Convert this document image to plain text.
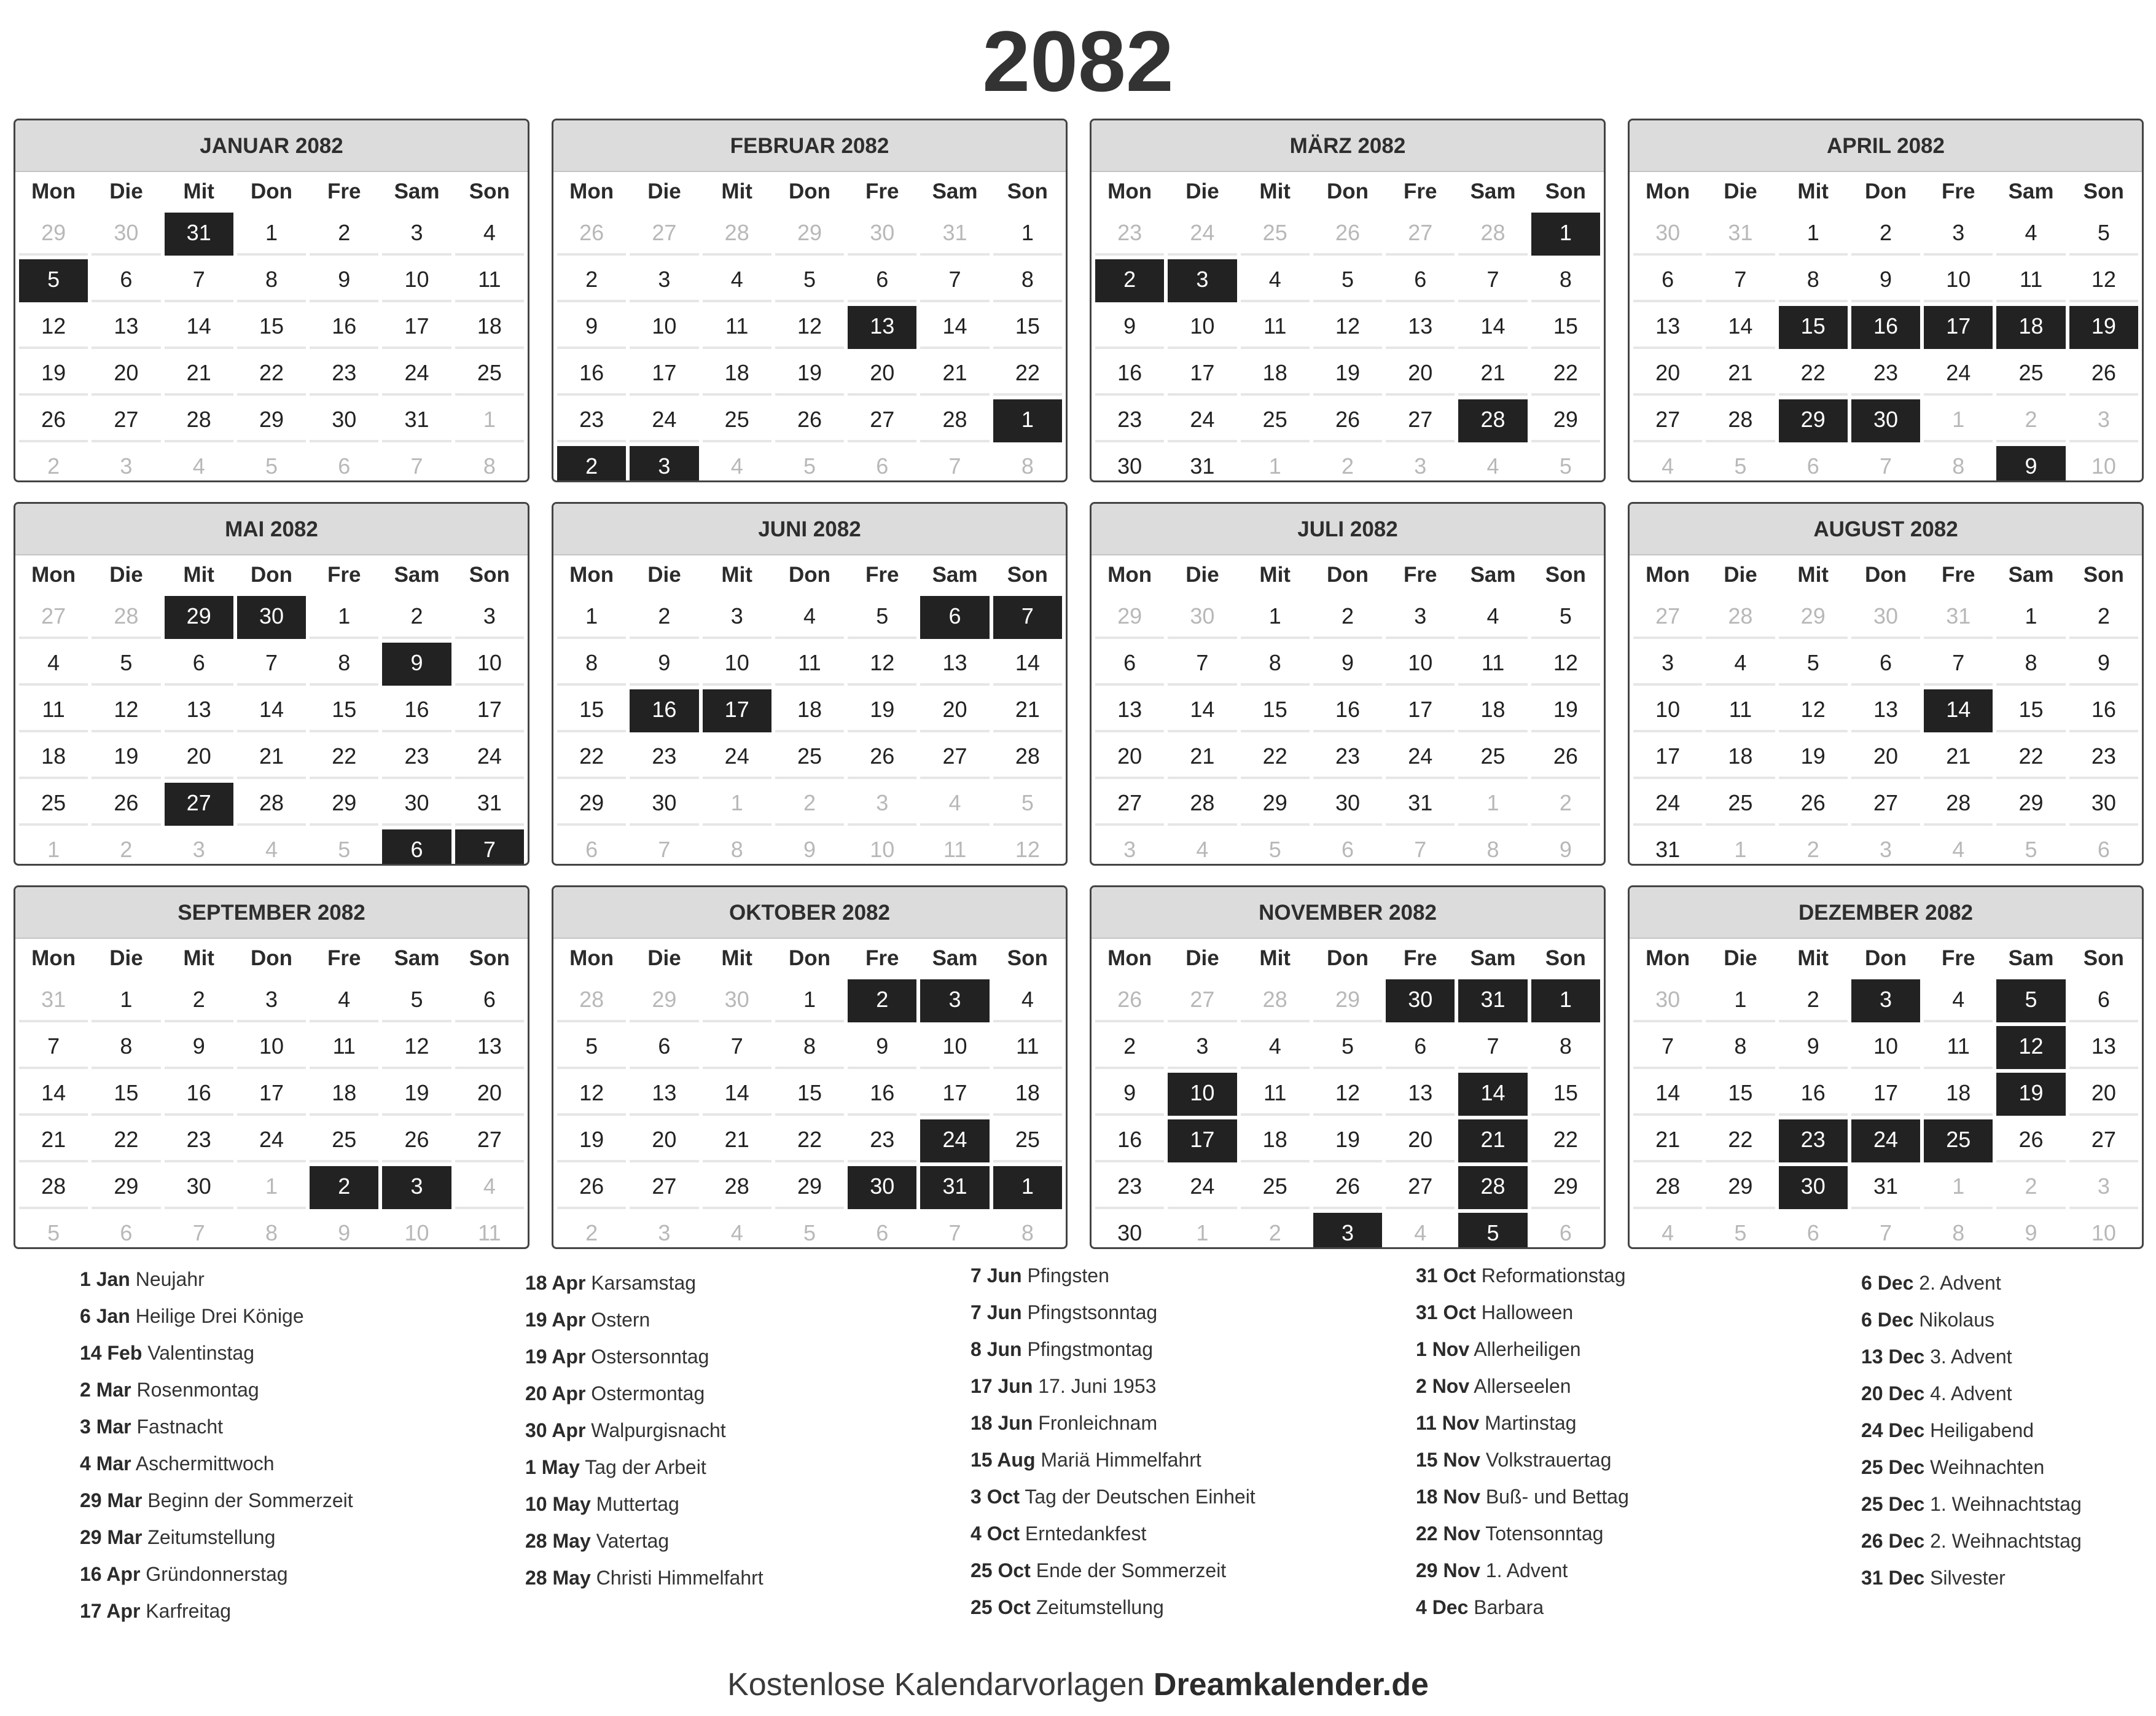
2082
JANUAR 2082
Mon	Die	Mit	Don	Fre	Sam	Son
29	30	31	1	2	3	4
5	6	7	8	9	10	11
12	13	14	15	16	17	18
19	20	21	22	23	24	25
26	27	28	29	30	31	1
2	3	4	5	6	7	8
FEBRUAR 2082
Mon	Die	Mit	Don	Fre	Sam	Son
26	27	28	29	30	31	1
2	3	4	5	6	7	8
9	10	11	12	13	14	15
16	17	18	19	20	21	22
23	24	25	26	27	28	1
2	3	4	5	6	7	8
MÄRZ 2082
Mon	Die	Mit	Don	Fre	Sam	Son
23	24	25	26	27	28	1
2	3	4	5	6	7	8
9	10	11	12	13	14	15
16	17	18	19	20	21	22
23	24	25	26	27	28	29
30	31	1	2	3	4	5
APRIL 2082
Mon	Die	Mit	Don	Fre	Sam	Son
30	31	1	2	3	4	5
6	7	8	9	10	11	12
13	14	15	16	17	18	19
20	21	22	23	24	25	26
27	28	29	30	1	2	3
4	5	6	7	8	9	10
MAI 2082
Mon	Die	Mit	Don	Fre	Sam	Son
27	28	29	30	1	2	3
4	5	6	7	8	9	10
11	12	13	14	15	16	17
18	19	20	21	22	23	24
25	26	27	28	29	30	31
1	2	3	4	5	6	7
JUNI 2082
Mon	Die	Mit	Don	Fre	Sam	Son
1	2	3	4	5	6	7
8	9	10	11	12	13	14
15	16	17	18	19	20	21
22	23	24	25	26	27	28
29	30	1	2	3	4	5
6	7	8	9	10	11	12
JULI 2082
Mon	Die	Mit	Don	Fre	Sam	Son
29	30	1	2	3	4	5
6	7	8	9	10	11	12
13	14	15	16	17	18	19
20	21	22	23	24	25	26
27	28	29	30	31	1	2
3	4	5	6	7	8	9
AUGUST 2082
Mon	Die	Mit	Don	Fre	Sam	Son
27	28	29	30	31	1	2
3	4	5	6	7	8	9
10	11	12	13	14	15	16
17	18	19	20	21	22	23
24	25	26	27	28	29	30
31	1	2	3	4	5	6
SEPTEMBER 2082
Mon	Die	Mit	Don	Fre	Sam	Son
31	1	2	3	4	5	6
7	8	9	10	11	12	13
14	15	16	17	18	19	20
21	22	23	24	25	26	27
28	29	30	1	2	3	4
5	6	7	8	9	10	11
OKTOBER 2082
Mon	Die	Mit	Don	Fre	Sam	Son
28	29	30	1	2	3	4
5	6	7	8	9	10	11
12	13	14	15	16	17	18
19	20	21	22	23	24	25
26	27	28	29	30	31	1
2	3	4	5	6	7	8
NOVEMBER 2082
Mon	Die	Mit	Don	Fre	Sam	Son
26	27	28	29	30	31	1
2	3	4	5	6	7	8
9	10	11	12	13	14	15
16	17	18	19	20	21	22
23	24	25	26	27	28	29
30	1	2	3	4	5	6
DEZEMBER 2082
Mon	Die	Mit	Don	Fre	Sam	Son
30	1	2	3	4	5	6
7	8	9	10	11	12	13
14	15	16	17	18	19	20
21	22	23	24	25	26	27
28	29	30	31	1	2	3
4	5	6	7	8	9	10
1 Jan Neujahr
6 Jan Heilige Drei Könige
14 Feb Valentinstag
2 Mar Rosenmontag
3 Mar Fastnacht
4 Mar Aschermittwoch
29 Mar Beginn der Sommerzeit
29 Mar Zeitumstellung
16 Apr Gründonnerstag
17 Apr Karfreitag
18 Apr Karsamstag
19 Apr Ostern
19 Apr Ostersonntag
20 Apr Ostermontag
30 Apr Walpurgisnacht
1 May Tag der Arbeit
10 May Muttertag
28 May Vatertag
28 May Christi Himmelfahrt
7 Jun Pfingsten
7 Jun Pfingstsonntag
8 Jun Pfingstmontag
17 Jun 17. Juni 1953
18 Jun Fronleichnam
15 Aug Mariä Himmelfahrt
3 Oct Tag der Deutschen Einheit
4 Oct Erntedankfest
25 Oct Ende der Sommerzeit
25 Oct Zeitumstellung
31 Oct Reformationstag
31 Oct Halloween
1 Nov Allerheiligen
2 Nov Allerseelen
11 Nov Martinstag
15 Nov Volkstrauertag
18 Nov Buß- und Bettag
22 Nov Totensonntag
29 Nov 1. Advent
4 Dec Barbara
6 Dec 2. Advent
6 Dec Nikolaus
13 Dec 3. Advent
20 Dec 4. Advent
24 Dec Heiligabend
25 Dec Weihnachten
25 Dec 1. Weihnachtstag
26 Dec 2. Weihnachtstag
31 Dec Silvester
Kostenlose Kalendarvorlagen Dreamkalender.de
